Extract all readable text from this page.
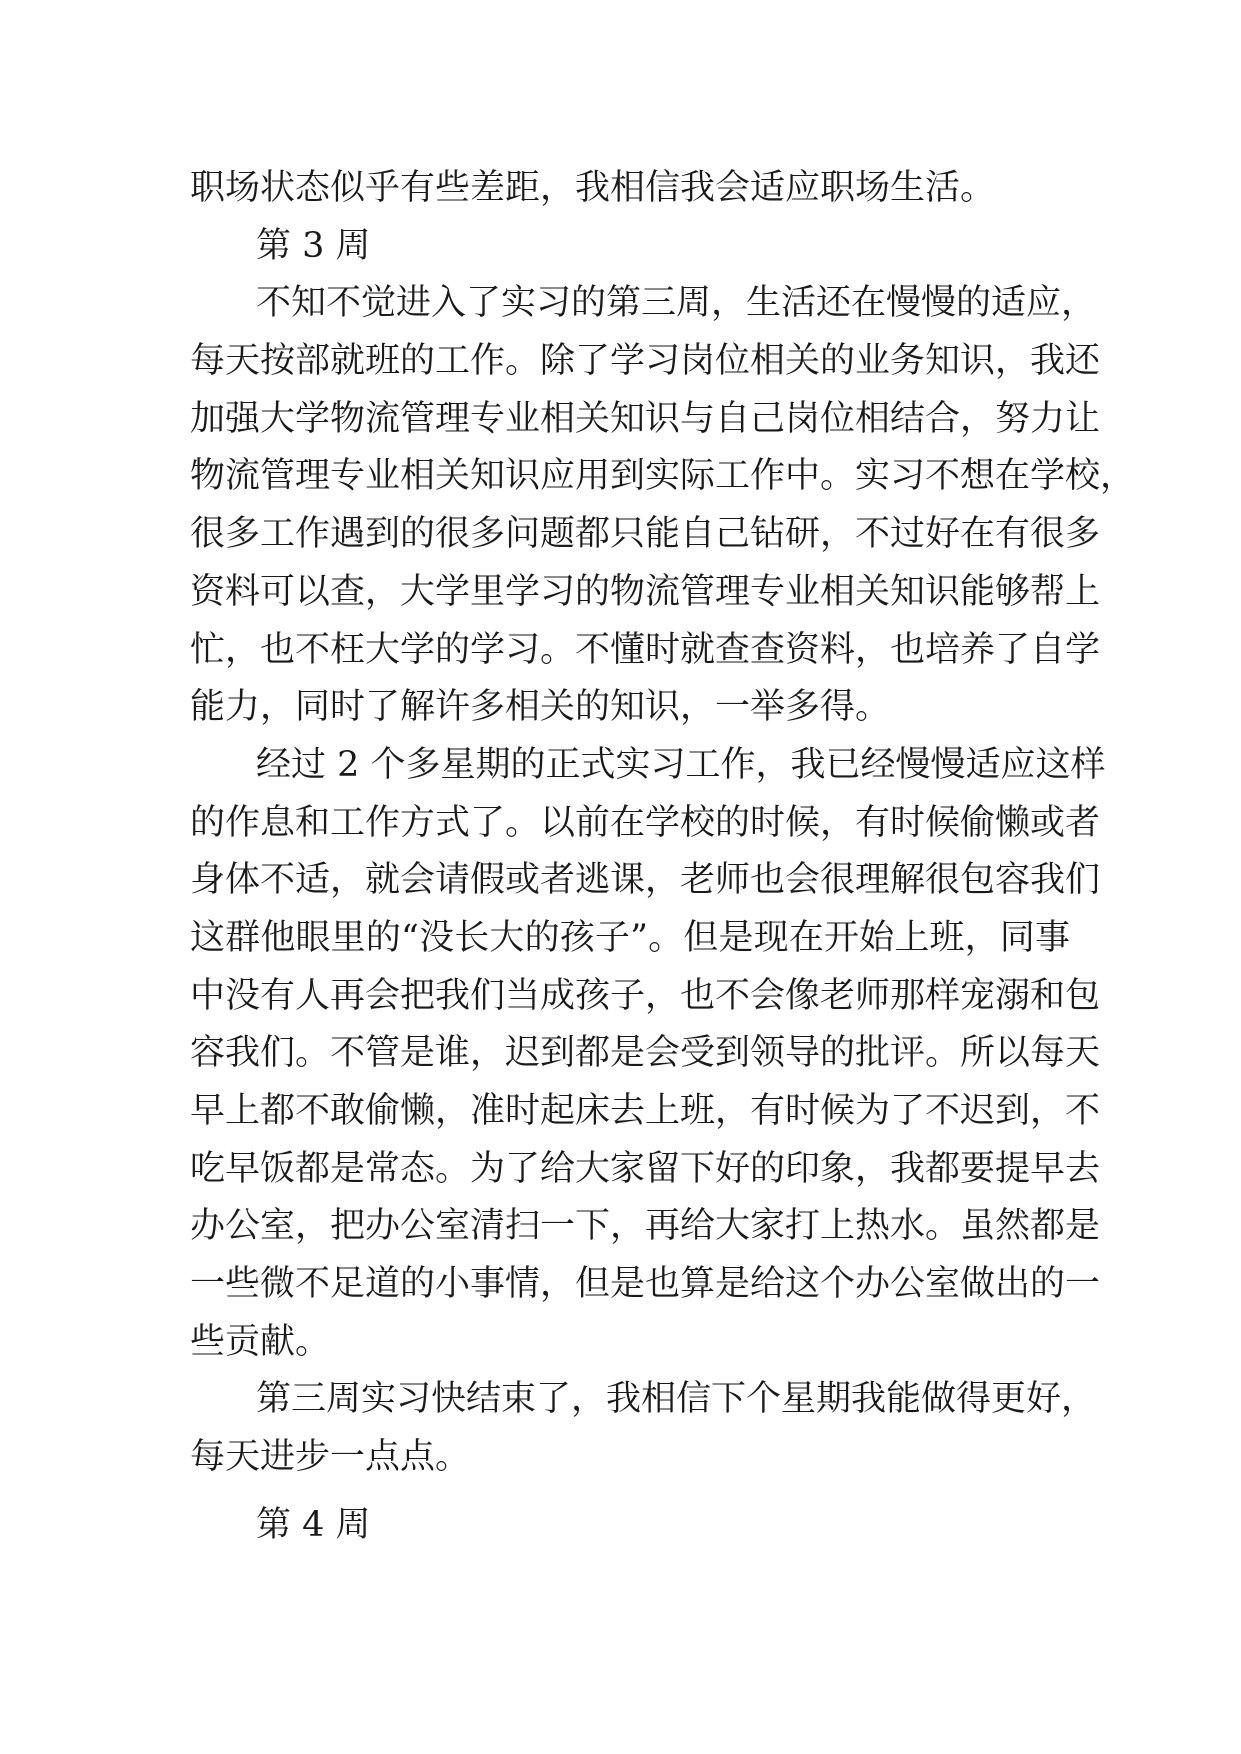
职场状态似乎有些差距，我相信我会适应职场生活。

第 3 周

不知不觉进入了实习的第三周，生活还在慢慢的适应，

每天按部就班的工作。除了学习岗位相关的业务知识，我还

加强大学物流管理专业相关知识与自己岗位相结合，努力让

物流管理专业相关知识应用到实际工作中。实习不想在学校，

很多工作遇到的很多问题都只能自己钻研，不过好在有很多

资料可以查，大学里学习的物流管理专业相关知识能够帮上

忙，也不枉大学的学习。不懂时就查查资料，也培养了自学

能力，同时了解许多相关的知识，一举多得。

经过 2 个多星期的正式实习工作，我已经慢慢适应这样

的作息和工作方式了。以前在学校的时候，有时候偷懒或者

身体不适，就会请假或者逃课，老师也会很理解很包容我们

这群他眼里的“没长大的孩子”。但是现在开始上班，同事

中没有人再会把我们当成孩子，也不会像老师那样宠溺和包

容我们。不管是谁，迟到都是会受到领导的批评。所以每天

早上都不敢偷懒，准时起床去上班，有时候为了不迟到，不

吃早饭都是常态。为了给大家留下好的印象，我都要提早去

办公室，把办公室清扫一下，再给大家打上热水。虽然都是

一些微不足道的小事情，但是也算是给这个办公室做出的一

些贡献。

第三周实习快结束了，我相信下个星期我能做得更好，

每天进步一点点。

第 4 周
